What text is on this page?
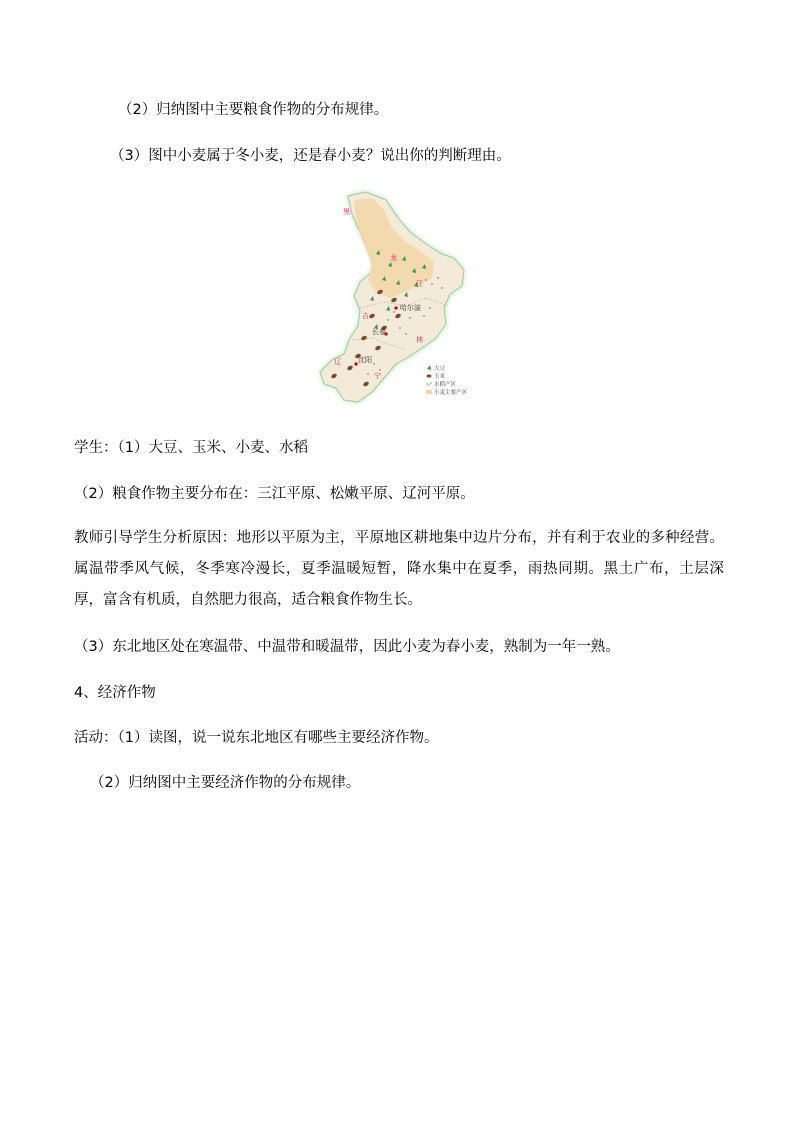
（2）归纳图中主要粮食作物的分布规律。
（3）图中小麦属于冬小麦，还是春小麦？说出你的判断理由。
黑
龙
江
吉
林
辽
宁
哈尔滨
长春
沈阳
大豆
玉米
水稻产区
小麦主要产区
学生：（1）大豆、玉米、小麦、水稻
（2）粮食作物主要分布在：三江平原、松嫩平原、辽河平原。
教师引导学生分析原因：地形以平原为主，平原地区耕地集中边片分布，并有利于农业的多种经营。属温带季风气候，冬季寒冷漫长，夏季温暖短暂，降水集中在夏季，雨热同期。黑土广布，土层深厚，富含有机质，自然肥力很高，适合粮食作物生长。
（3）东北地区处在寒温带、中温带和暖温带，因此小麦为春小麦，熟制为一年一熟。
4、经济作物
活动：（1）读图，说一说东北地区有哪些主要经济作物。
（2）归纳图中主要经济作物的分布规律。
